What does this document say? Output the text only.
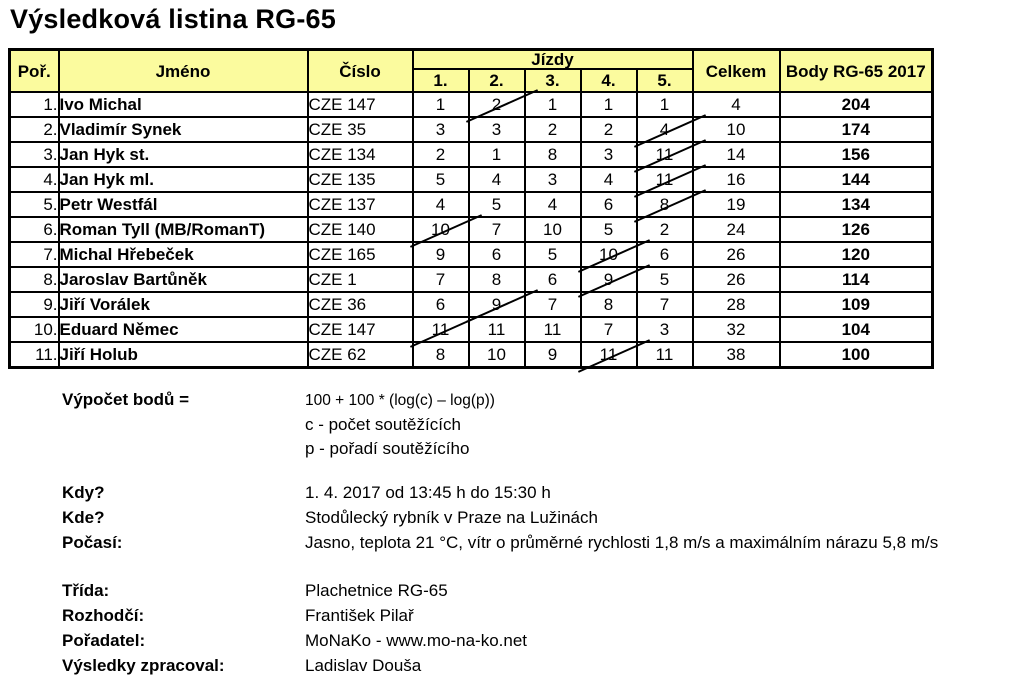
Výsledková listina RG-65
Poř.	Jméno	Číslo	Jízdy					Celkem	Body RG-65 2017
			1.	2.	3.	4.	5.		
1.	Ivo Michal	CZE 147	1	2	1	1	1	4	204
2.	Vladimír Synek	CZE 35	3	3	2	2	4	10	174
3.	Jan Hyk st.	CZE 134	2	1	8	3	11	14	156
4.	Jan Hyk ml.	CZE 135	5	4	3	4	11	16	144
5.	Petr Westfál	CZE 137	4	5	4	6	8	19	134
6.	Roman Tyll (MB/RomanT)	CZE 140	10	7	10	5	2	24	126
7.	Michal Hřebeček	CZE 165	9	6	5	10	6	26	120
8.	Jaroslav Bartůněk	CZE 1	7	8	6	9	5	26	114
9.	Jiří Vorálek	CZE 36	6	9	7	8	7	28	109
10.	Eduard Němec	CZE 147	11	11	11	7	3	32	104
11.	Jiří Holub	CZE 62	8	10	9	11	11	38	100
Výpočet bodů =	100 + 100 * (log(c) – log(p))
c - počet soutěžících
p - pořadí soutěžícího
Kdy?	1. 4. 2017 od 13:45 h do 15:30 h
Kde?	Stodůlecký rybník v Praze na Lužinách
Počasí:	Jasno, teplota 21 °C, vítr o průměrné rychlosti 1,8 m/s a maximálním nárazu 5,8 m/s
Třída:	Plachetnice RG-65
Rozhodčí:	František Pilař
Pořadatel:	MoNaKo - www.mo-na-ko.net
Výsledky zpracoval:	Ladislav Douša
